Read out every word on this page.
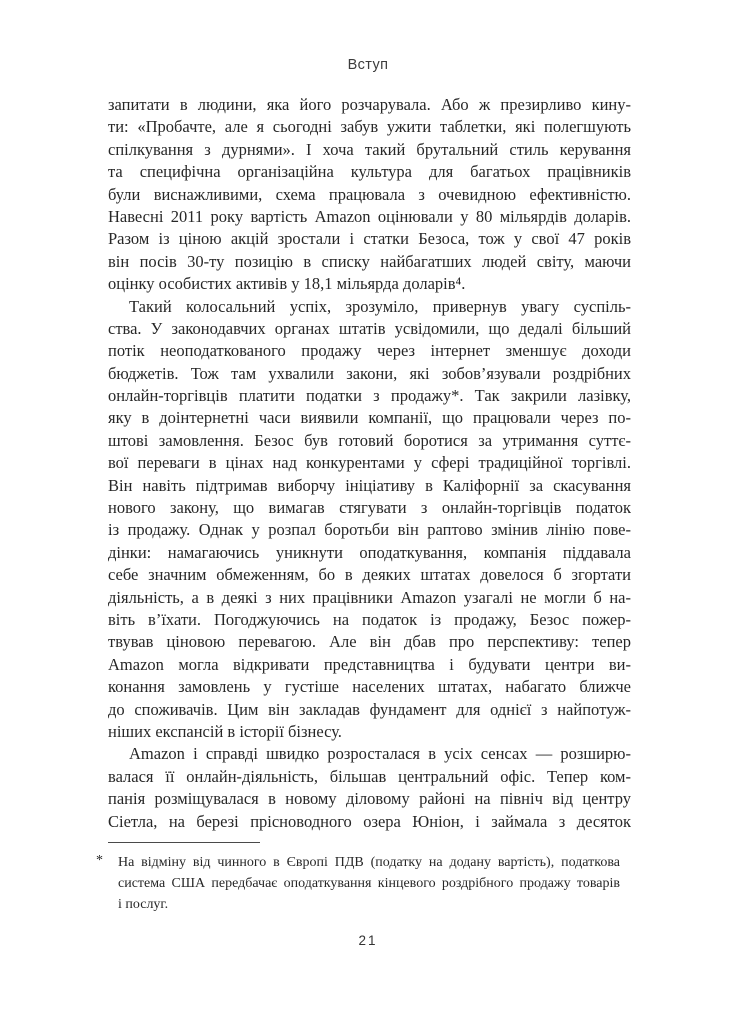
Вступ
запитати в людини, яка його розчарувала. Або ж презирливо кину-
ти: «Пробачте, але я сьогодні забув ужити таблетки, які полегшують
спілкування з дурнями». І хоча такий брутальний стиль керування
та специфічна організаційна культура для багатьох працівників
були виснажливими, схема працювала з очевидною ефективністю.
Навесні 2011 року вартість Amazon оцінювали у 80 мільярдів доларів.
Разом із ціною акцій зростали і статки Безоса, тож у свої 47 років
він посів 30-ту позицію в списку найбагатших людей світу, маючи
оцінку особистих активів у 18,1 мільярда доларів⁴.
Такий колосальний успіх, зрозуміло, привернув увагу суспіль-
ства. У законодавчих органах штатів усвідомили, що дедалі більший
потік неоподаткованого продажу через інтернет зменшує доходи
бюджетів. Тож там ухвалили закони, які зобов’язували роздрібних
онлайн-торгівців платити податки з продажу*. Так закрили лазівку,
яку в доінтернетні часи виявили компанії, що працювали через по-
штові замовлення. Безос був готовий боротися за утримання суттє-
вої переваги в цінах над конкурентами у сфері традиційної торгівлі.
Він навіть підтримав виборчу ініціативу в Каліфорнії за скасування
нового закону, що вимагав стягувати з онлайн-торгівців податок
із продажу. Однак у розпал боротьби він раптово змінив лінію пове-
дінки: намагаючись уникнути оподаткування, компанія піддавала
себе значним обмеженням, бо в деяких штатах довелося б згортати
діяльність, а в деякі з них працівники Amazon узагалі не могли б на-
віть в’їхати. Погоджуючись на податок із продажу, Безос пожер-
твував ціновою перевагою. Але він дбав про перспективу: тепер
Amazon могла відкривати представництва і будувати центри ви-
конання замовлень у густіше населених штатах, набагато ближче
до споживачів. Цим він закладав фундамент для однієї з найпотуж-
ніших експансій в історії бізнесу.
Amazon і справді швидко розросталася в усіх сенсах — розширю-
валася її онлайн-діяльність, більшав центральний офіс. Тепер ком-
панія розміщувалася в новому діловому районі на північ від центру
Сіетла, на березі прісноводного озера Юніон, і займала з десяток
* На відміну від чинного в Європі ПДВ (податку на додану вартість), податкова
система США передбачає оподаткування кінцевого роздрібного продажу товарів
і послуг.
21
